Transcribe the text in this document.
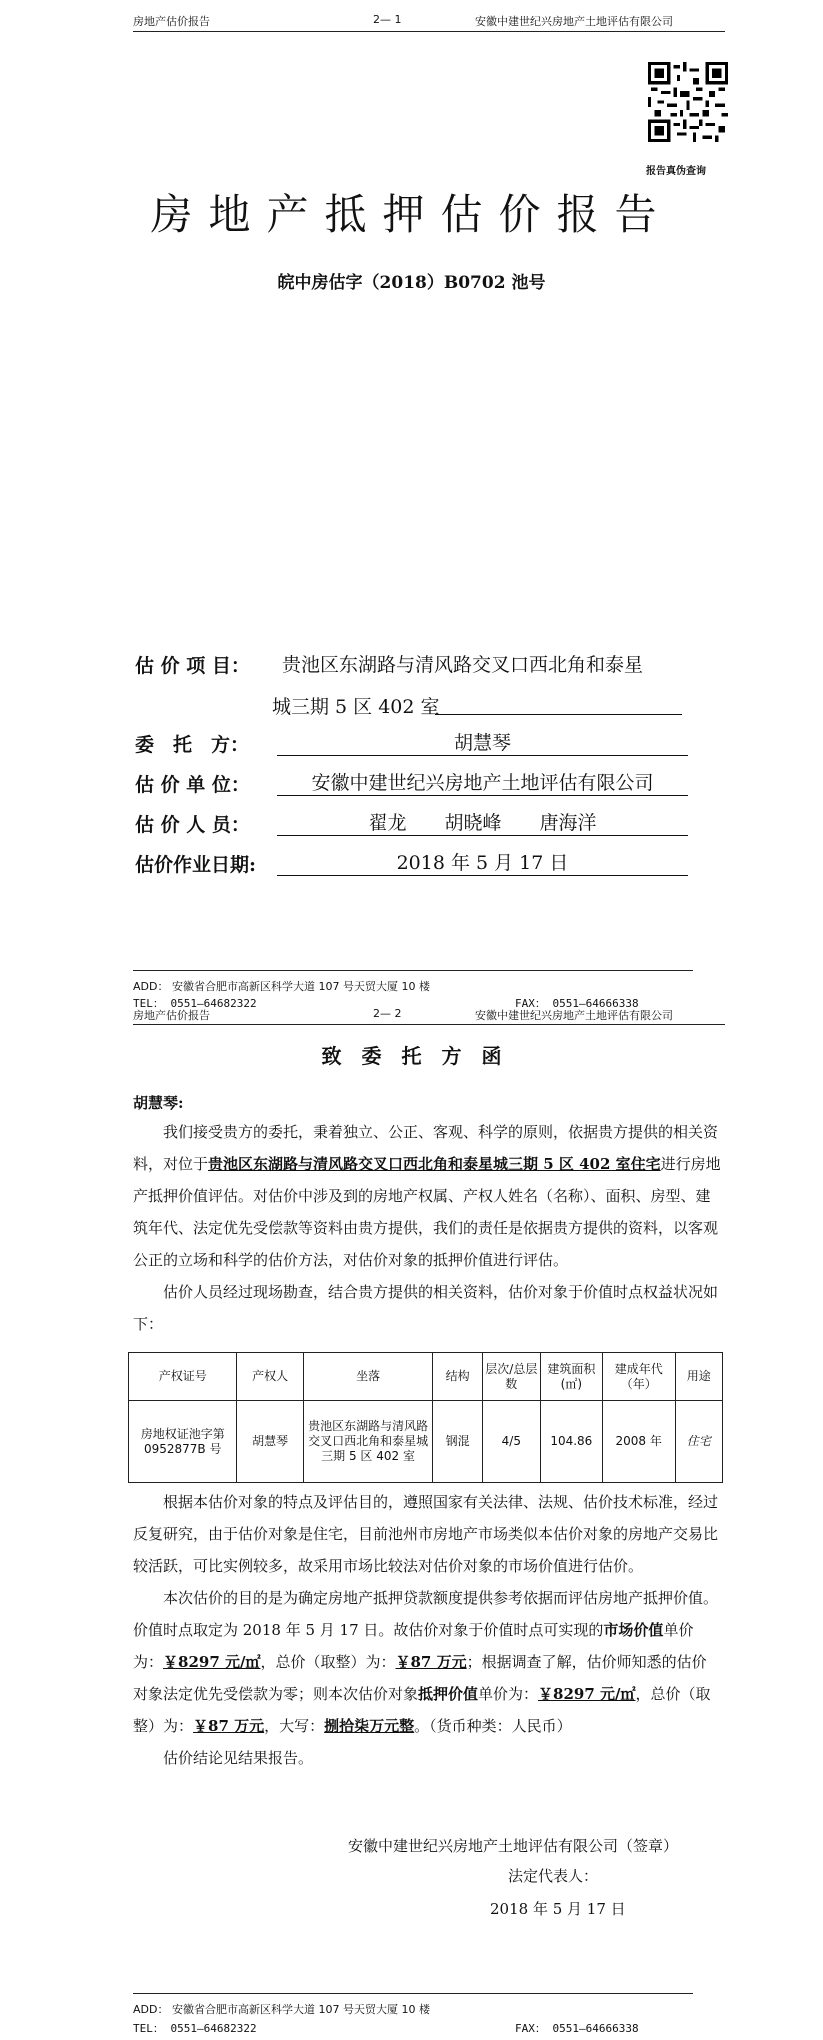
房地产估价报告	2— 1	安徽中建世纪兴房地产土地评估有限公司
报告真伪查询
房地产抵押估价报告
皖中房估字（2018）B0702 池号
估 价 项 目： 贵池区东湖路与清风路交叉口西北角和泰星
城三期 5 区 402 室
委　托　方：	胡慧琴
估 价 单 位：	安徽中建世纪兴房地产土地评估有限公司
估 价 人 员：	翟龙　　胡晓峰　　唐海洋
估价作业日期:	2018 年 5 月 17 日
ADD： 安徽省合肥市高新区科学大道 107 号天贸大厦 10 楼
TEL： 0551—64682322	FAX： 0551—64666338
房地产估价报告	2— 2	安徽中建世纪兴房地产土地评估有限公司
致　委　托　方　函
胡慧琴:
我们接受贵方的委托，秉着独立、公正、客观、科学的原则，依据贵方提供的相关资料，对位于贵池区东湖路与清风路交叉口西北角和泰星城三期 5 区 402 室住宅进行房地产抵押价值评估。对估价中涉及到的房地产权属、产权人姓名（名称）、面积、房型、建筑年代、法定优先受偿款等资料由贵方提供，我们的责任是依据贵方提供的资料，以客观公正的立场和科学的估价方法，对估价对象的抵押价值进行评估。
估价人员经过现场勘查，结合贵方提供的相关资料，估价对象于价值时点权益状况如下：
产权证号	产权人	坐落	结构	层次/总层数	建筑面积(㎡)	建成年代（年）	用途
房地权证池字第0952877B 号	胡慧琴	贵池区东湖路与清风路交叉口西北角和泰星城三期 5 区 402 室	钢混	4/5	104.86	2008 年	住宅
根据本估价对象的特点及评估目的，遵照国家有关法律、法规、估价技术标准，经过反复研究，由于估价对象是住宅，目前池州市房地产市场类似本估价对象的房地产交易比较活跃，可比实例较多，故采用市场比较法对估价对象的市场价值进行估价。
本次估价的目的是为确定房地产抵押贷款额度提供参考依据而评估房地产抵押价值。价值时点取定为 2018 年 5 月 17 日。故估价对象于价值时点可实现的市场价值单价为：￥8297 元/㎡，总价（取整）为：￥87 万元；根据调查了解，估价师知悉的估价对象法定优先受偿款为零；则本次估价对象抵押价值单价为：￥8297 元/㎡，总价（取整）为：￥87 万元，大写：捌拾柒万元整。（货币种类：人民币）
估价结论见结果报告。
安徽中建世纪兴房地产土地评估有限公司（签章）
法定代表人：
2018 年 5 月 17 日
ADD： 安徽省合肥市高新区科学大道 107 号天贸大厦 10 楼
TEL： 0551—64682322	FAX： 0551—64666338
